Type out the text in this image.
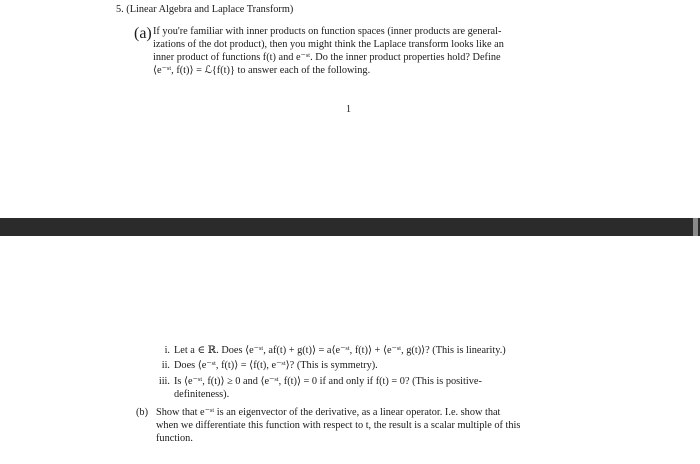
5. (Linear Algebra and Laplace Transform)
(a) If you're familiar with inner products on function spaces (inner products are general-
izations of the dot product), then you might think the Laplace transform looks like an
inner product of functions f(t) and e⁻ˢᵗ. Do the inner product properties hold? Define
⟨e⁻ˢᵗ, f(t)⟩ = ℒ{f(t)} to answer each of the following.
1
i. Let a ∈ ℝ. Does ⟨e⁻ˢᵗ, af(t) + g(t)⟩ = a⟨e⁻ˢᵗ, f(t)⟩ + ⟨e⁻ˢᵗ, g(t)⟩? (This is linearity.)
ii. Does ⟨e⁻ˢᵗ, f(t)⟩ = ⟨f(t), e⁻ˢᵗ⟩? (This is symmetry).
iii. Is ⟨e⁻ˢᵗ, f(t)⟩ ≥ 0 and ⟨e⁻ˢᵗ, f(t)⟩ = 0 if and only if f(t) = 0? (This is positive-
definiteness).
(b) Show that e⁻ˢᵗ is an eigenvector of the derivative, as a linear operator. I.e. show that
when we differentiate this function with respect to t, the result is a scalar multiple of this
function.
